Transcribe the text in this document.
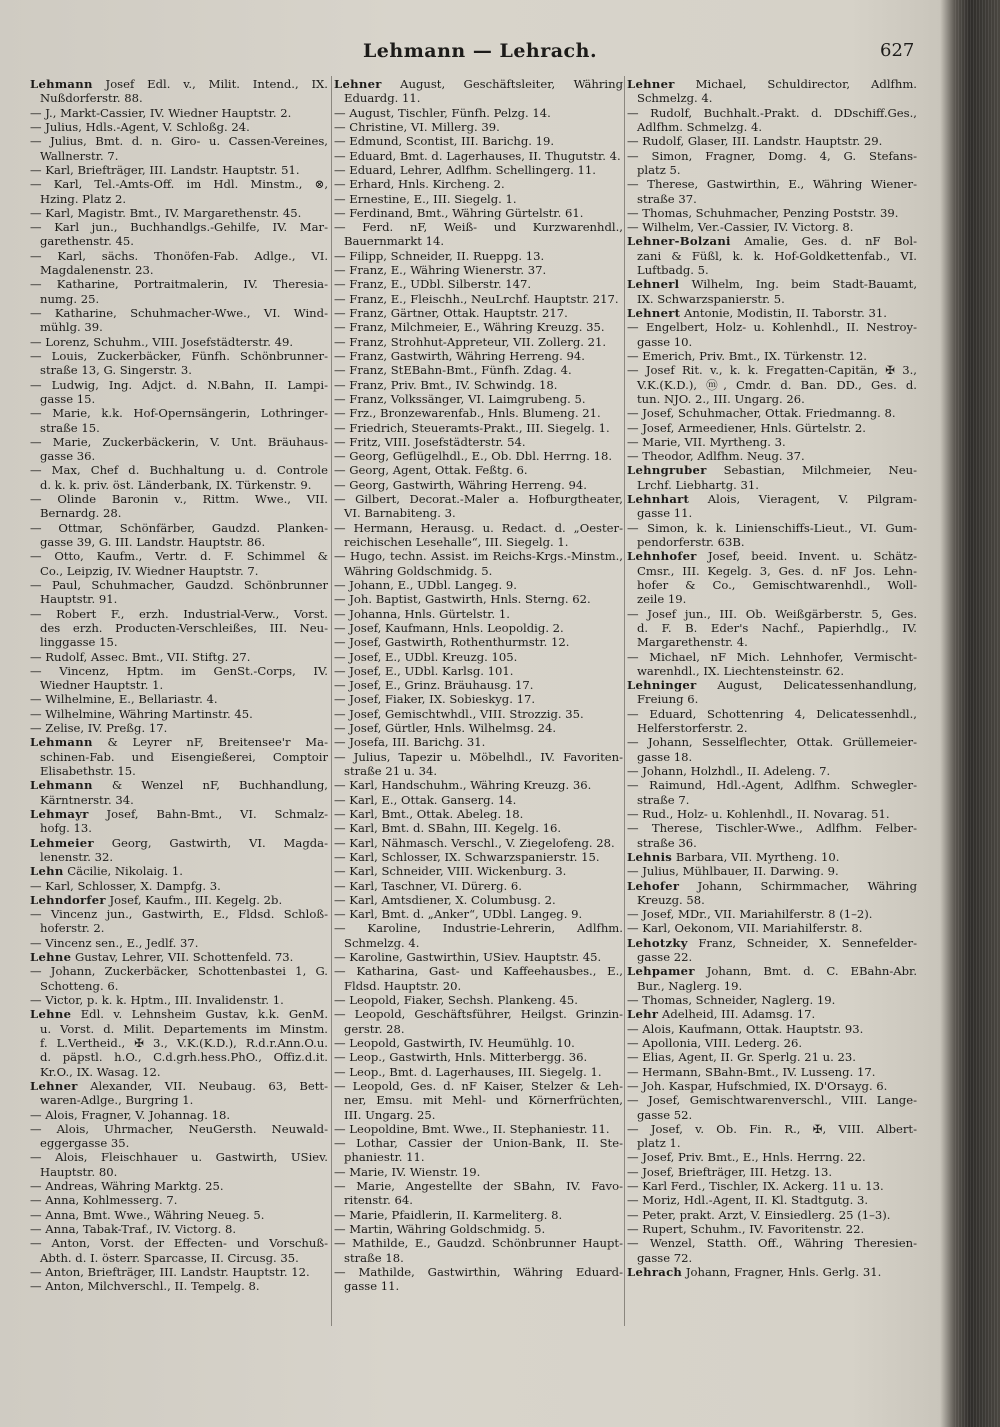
Lehmann — Lehrach.	627
Lehmann Josef Edl. v., Milit. Intend., IX.
Nußdorferstr. 88.
— J., Markt-Cassier, IV. Wiedner Hauptstr. 2.
— Julius, Hdls.-Agent, V. Schloßg. 24.
— Julius, Bmt. d. n. Giro- u. Cassen-Vereines,
Wallnerstr. 7.
— Karl, Briefträger, III. Landstr. Hauptstr. 51.
— Karl, Tel.-Amts-Off. im Hdl. Minstm., ⊗,
Hzing. Platz 2.
— Karl, Magistr. Bmt., IV. Margarethenstr. 45.
— Karl jun., Buchhandlgs.-Gehilfe, IV. Mar-
garethenstr. 45.
— Karl, sächs. Thonöfen-Fab. Adlge., VI.
Magdalenenstr. 23.
— Katharine, Portraitmalerin, IV. Theresia-
numg. 25.
— Katharine, Schuhmacher-Wwe., VI. Wind-
mühlg. 39.
— Lorenz, Schuhm., VIII. Josefstädterstr. 49.
— Louis, Zuckerbäcker, Fünfh. Schönbrunner-
straße 13, G. Singerstr. 3.
— Ludwig, Ing. Adjct. d. N.Bahn, II. Lampi-
gasse 15.
— Marie, k.k. Hof-Opernsängerin, Lothringer-
straße 15.
— Marie, Zuckerbäckerin, V. Unt. Bräuhaus-
gasse 36.
— Max, Chef d. Buchhaltung u. d. Controle
d. k. k. priv. öst. Länderbank, IX. Türkenstr. 9.
— Olinde Baronin v., Rittm. Wwe., VII.
Bernardg. 28.
— Ottmar, Schönfärber, Gaudzd. Planken-
gasse 39, G. III. Landstr. Hauptstr. 86.
— Otto, Kaufm., Vertr. d. F. Schimmel &
Co., Leipzig, IV. Wiedner Hauptstr. 7.
— Paul, Schuhmacher, Gaudzd. Schönbrunner
Hauptstr. 91.
— Robert F., erzh. Industrial-Verw., Vorst.
des erzh. Producten-Verschleißes, III. Neu-
linggasse 15.
— Rudolf, Assec. Bmt., VII. Stiftg. 27.
— Vincenz, Hptm. im GenSt.-Corps, IV.
Wiedner Hauptstr. 1.
— Wilhelmine, E., Bellariastr. 4.
— Wilhelmine, Währing Martinstr. 45.
— Zelise, IV. Preßg. 17.
Lehmann & Leyrer nF, Breitensee'r Ma-
schinen-Fab. und Eisengießerei, Comptoir
Elisabethstr. 15.
Lehmann & Wenzel nF, Buchhandlung,
Kärntnerstr. 34.
Lehmayr Josef, Bahn-Bmt., VI. Schmalz-
hofg. 13.
Lehmeier Georg, Gastwirth, VI. Magda-
lenenstr. 32.
Lehn Cäcilie, Nikolaig. 1.
— Karl, Schlosser, X. Dampfg. 3.
Lehndorfer Josef, Kaufm., III. Kegelg. 2b.
— Vincenz jun., Gastwirth, E., Fldsd. Schloß-
hoferstr. 2.
— Vincenz sen., E., Jedlf. 37.
Lehne Gustav, Lehrer, VII. Schottenfeld. 73.
— Johann, Zuckerbäcker, Schottenbastei 1, G.
Schotteng. 6.
— Victor, p. k. k. Hptm., III. Invalidenstr. 1.
Lehne Edl. v. Lehnsheim Gustav, k.k. GenM.
u. Vorst. d. Milit. Departements im Minstm.
f. L.Vertheid., ✠ 3., V.K.(K.D.), R.d.r.Ann.O.u.
d. päpstl. h.O., C.d.grh.hess.PhO., Offiz.d.it.
Kr.O., IX. Wasag. 12.
Lehner Alexander, VII. Neubaug. 63, Bett-
waren-Adlge., Burgring 1.
— Alois, Fragner, V. Johannag. 18.
— Alois, Uhrmacher, NeuGersth. Neuwald-
eggergasse 35.
— Alois, Fleischhauer u. Gastwirth, USiev.
Hauptstr. 80.
— Andreas, Währing Marktg. 25.
— Anna, Kohlmesserg. 7.
— Anna, Bmt. Wwe., Währing Neueg. 5.
— Anna, Tabak-Traf., IV. Victorg. 8.
— Anton, Vorst. der Effecten- und Vorschuß-
Abth. d. I. österr. Sparcasse, II. Circusg. 35.
— Anton, Briefträger, III. Landstr. Hauptstr. 12.
— Anton, Milchverschl., II. Tempelg. 8.
Lehner August, Geschäftsleiter, Währing
Eduardg. 11.
— August, Tischler, Fünfh. Pelzg. 14.
— Christine, VI. Millerg. 39.
— Edmund, Scontist, III. Barichg. 19.
— Eduard, Bmt. d. Lagerhauses, II. Thugutstr. 4.
— Eduard, Lehrer, Adlfhm. Schellingerg. 11.
— Erhard, Hnls. Kircheng. 2.
— Ernestine, E., III. Siegelg. 1.
— Ferdinand, Bmt., Währing Gürtelstr. 61.
— Ferd. nF, Weiß- und Kurzwarenhdl.,
Bauernmarkt 14.
— Filipp, Schneider, II. Rueppg. 13.
— Franz, E., Währing Wienerstr. 37.
— Franz, E., UDbl. Silberstr. 147.
— Franz, E., Fleischh., NeuLrchf. Hauptstr. 217.
— Franz, Gärtner, Ottak. Hauptstr. 217.
— Franz, Milchmeier, E., Währing Kreuzg. 35.
— Franz, Strohhut-Appreteur, VII. Zollerg. 21.
— Franz, Gastwirth, Währing Herreng. 94.
— Franz, StEBahn-Bmt., Fünfh. Zdag. 4.
— Franz, Priv. Bmt., IV. Schwindg. 18.
— Franz, Volkssänger, VI. Laimgrubeng. 5.
— Frz., Bronzewarenfab., Hnls. Blumeng. 21.
— Friedrich, Steueramts-Prakt., III. Siegelg. 1.
— Fritz, VIII. Josefstädterstr. 54.
— Georg, Geflügelhdl., E., Ob. Dbl. Herrng. 18.
— Georg, Agent, Ottak. Feßtg. 6.
— Georg, Gastwirth, Währing Herreng. 94.
— Gilbert, Decorat.-Maler a. Hofburgtheater,
VI. Barnabiteng. 3.
— Hermann, Herausg. u. Redact. d. „Oester-
reichischen Lesehalle“, III. Siegelg. 1.
— Hugo, techn. Assist. im Reichs-Krgs.-Minstm.,
Währing Goldschmidg. 5.
— Johann, E., UDbl. Langeg. 9.
— Joh. Baptist, Gastwirth, Hnls. Sterng. 62.
— Johanna, Hnls. Gürtelstr. 1.
— Josef, Kaufmann, Hnls. Leopoldig. 2.
— Josef, Gastwirth, Rothenthurmstr. 12.
— Josef, E., UDbl. Kreuzg. 105.
— Josef, E., UDbl. Karlsg. 101.
— Josef, E., Grinz. Bräuhausg. 17.
— Josef, Fiaker, IX. Sobieskyg. 17.
— Josef, Gemischtwhdl., VIII. Strozzig. 35.
— Josef, Gürtler, Hnls. Wilhelmsg. 24.
— Josefa, III. Barichg. 31.
— Julius, Tapezir u. Möbelhdl., IV. Favoriten-
straße 21 u. 34.
— Karl, Handschuhm., Währing Kreuzg. 36.
— Karl, E., Ottak. Ganserg. 14.
— Karl, Bmt., Ottak. Abeleg. 18.
— Karl, Bmt. d. SBahn, III. Kegelg. 16.
— Karl, Nähmasch. Verschl., V. Ziegelofeng. 28.
— Karl, Schlosser, IX. Schwarzspanierstr. 15.
— Karl, Schneider, VIII. Wickenburg. 3.
— Karl, Taschner, VI. Dürerg. 6.
— Karl, Amtsdiener, X. Columbusg. 2.
— Karl, Bmt. d. „Anker“, UDbl. Langeg. 9.
— Karoline, Industrie-Lehrerin, Adlfhm.
Schmelzg. 4.
— Karoline, Gastwirthin, USiev. Hauptstr. 45.
— Katharina, Gast- und Kaffeehausbes., E.,
Fldsd. Hauptstr. 20.
— Leopold, Fiaker, Sechsh. Plankeng. 45.
— Leopold, Geschäftsführer, Heilgst. Grinzin-
gerstr. 28.
— Leopold, Gastwirth, IV. Heumühlg. 10.
— Leop., Gastwirth, Hnls. Mitterbergg. 36.
— Leop., Bmt. d. Lagerhauses, III. Siegelg. 1.
— Leopold, Ges. d. nF Kaiser, Stelzer & Leh-
ner, Emsu. mit Mehl- und Körnerfrüchten,
III. Ungarg. 25.
— Leopoldine, Bmt. Wwe., II. Stephaniestr. 11.
— Lothar, Cassier der Union-Bank, II. Ste-
phaniestr. 11.
— Marie, IV. Wienstr. 19.
— Marie, Angestellte der SBahn, IV. Favo-
ritenstr. 64.
— Marie, Pfaidlerin, II. Karmeliterg. 8.
— Martin, Währing Goldschmidg. 5.
— Mathilde, E., Gaudzd. Schönbrunner Haupt-
straße 18.
— Mathilde, Gastwirthin, Währing Eduard-
gasse 11.
Lehner Michael, Schuldirector, Adlfhm.
Schmelzg. 4.
— Rudolf, Buchhalt.-Prakt. d. DDschiff.Ges.,
Adlfhm. Schmelzg. 4.
— Rudolf, Glaser, III. Landstr. Hauptstr. 29.
— Simon, Fragner, Domg. 4, G. Stefans-
platz 5.
— Therese, Gastwirthin, E., Währing Wiener-
straße 37.
— Thomas, Schuhmacher, Penzing Poststr. 39.
— Wilhelm, Ver.-Cassier, IV. Victorg. 8.
Lehner-Bolzani Amalie, Ges. d. nF Bol-
zani & Füßl, k. k. Hof-Goldkettenfab., VI.
Luftbadg. 5.
Lehnerl Wilhelm, Ing. beim Stadt-Bauamt,
IX. Schwarzspanierstr. 5.
Lehnert Antonie, Modistin, II. Taborstr. 31.
— Engelbert, Holz- u. Kohlenhdl., II. Nestroy-
gasse 10.
— Emerich, Priv. Bmt., IX. Türkenstr. 12.
— Josef Rit. v., k. k. Fregatten-Capitän, ✠ 3.,
V.K.(K.D.), ⓜ, Cmdr. d. Ban. DD., Ges. d.
tun. NJO. 2., III. Ungarg. 26.
— Josef, Schuhmacher, Ottak. Friedmanng. 8.
— Josef, Armeediener, Hnls. Gürtelstr. 2.
— Marie, VII. Myrtheng. 3.
— Theodor, Adlfhm. Neug. 37.
Lehngruber Sebastian, Milchmeier, Neu-
Lrchf. Liebhartg. 31.
Lehnhart Alois, Vieragent, V. Pilgram-
gasse 11.
— Simon, k. k. Linienschiffs-Lieut., VI. Gum-
pendorferstr. 63B.
Lehnhofer Josef, beeid. Invent. u. Schätz-
Cmsr., III. Kegelg. 3, Ges. d. nF Jos. Lehn-
hofer & Co., Gemischtwarenhdl., Woll-
zeile 19.
— Josef jun., III. Ob. Weißgärberstr. 5, Ges.
d. F. B. Eder's Nachf., Papierhdlg., IV.
Margarethenstr. 4.
— Michael, nF Mich. Lehnhofer, Vermischt-
warenhdl., IX. Liechtensteinstr. 62.
Lehninger August, Delicatessenhandlung,
Freiung 6.
— Eduard, Schottenring 4, Delicatessenhdl.,
Helferstorferstr. 2.
— Johann, Sesselflechter, Ottak. Grüllemeier-
gasse 18.
— Johann, Holzhdl., II. Adeleng. 7.
— Raimund, Hdl.-Agent, Adlfhm. Schwegler-
straße 7.
— Rud., Holz- u. Kohlenhdl., II. Novarag. 51.
— Therese, Tischler-Wwe., Adlfhm. Felber-
straße 36.
Lehnis Barbara, VII. Myrtheng. 10.
— Julius, Mühlbauer, II. Darwing. 9.
Lehofer Johann, Schirmmacher, Währing
Kreuzg. 58.
— Josef, MDr., VII. Mariahilferstr. 8 (1–2).
— Karl, Oekonom, VII. Mariahilferstr. 8.
Lehotzky Franz, Schneider, X. Sennefelder-
gasse 22.
Lehpamer Johann, Bmt. d. C. EBahn-Abr.
Bur., Naglerg. 19.
— Thomas, Schneider, Naglerg. 19.
Lehr Adelheid, III. Adamsg. 17.
— Alois, Kaufmann, Ottak. Hauptstr. 93.
— Apollonia, VIII. Lederg. 26.
— Elias, Agent, II. Gr. Sperlg. 21 u. 23.
— Hermann, SBahn-Bmt., IV. Lusseng. 17.
— Joh. Kaspar, Hufschmied, IX. D'Orsayg. 6.
— Josef, Gemischtwarenverschl., VIII. Lange-
gasse 52.
— Josef, v. Ob. Fin. R., ✠, VIII. Albert-
platz 1.
— Josef, Priv. Bmt., E., Hnls. Herrng. 22.
— Josef, Briefträger, III. Hetzg. 13.
— Karl Ferd., Tischler, IX. Ackerg. 11 u. 13.
— Moriz, Hdl.-Agent, II. Kl. Stadtgutg. 3.
— Peter, prakt. Arzt, V. Einsiedlerg. 25 (1–3).
— Rupert, Schuhm., IV. Favoritenstr. 22.
— Wenzel, Statth. Off., Währing Theresien-
gasse 72.
Lehrach Johann, Fragner, Hnls. Gerlg. 31.
